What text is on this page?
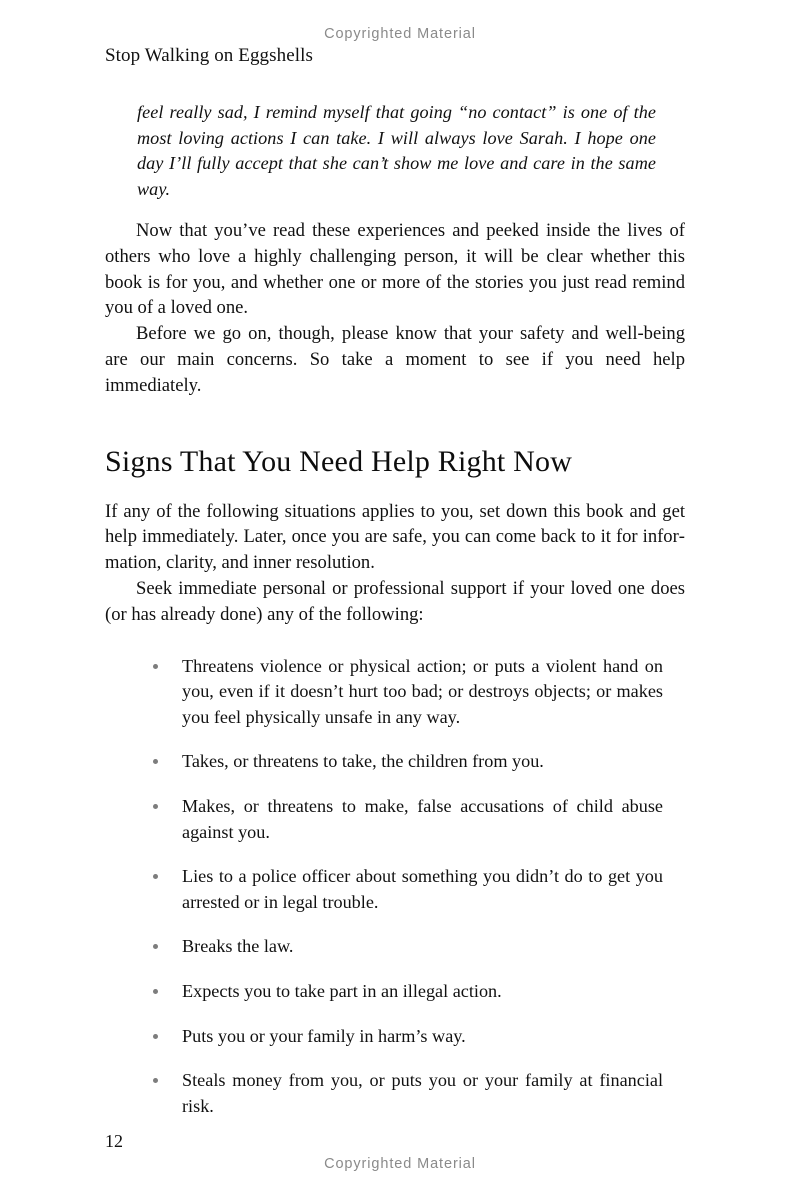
Copyrighted Material
Stop Walking on Eggshells
feel really sad, I remind myself that going “no contact” is one of the most loving actions I can take. I will always love Sarah. I hope one day I’ll fully accept that she can’t show me love and care in the same way.

Now that you’ve read these experiences and peeked inside the lives of others who love a highly challenging person, it will be clear whether this book is for you, and whether one or more of the stories you just read remind you of a loved one.

Before we go on, though, please know that your safety and well-being are our main concerns. So take a moment to see if you need help immediately.

Signs That You Need Help Right Now

If any of the following situations applies to you, set down this book and get help immediately. Later, once you are safe, you can come back to it for information, clarity, and inner resolution.

Seek immediate personal or professional support if your loved one does (or has already done) any of the following:

Threatens violence or physical action; or puts a violent hand on you, even if it doesn’t hurt too bad; or destroys objects; or makes you feel physically unsafe in any way.
Takes, or threatens to take, the children from you.
Makes, or threatens to make, false accusations of child abuse against you.
Lies to a police officer about something you didn’t do to get you arrested or in legal trouble.
Breaks the law.
Expects you to take part in an illegal action.
Puts you or your family in harm’s way.
Steals money from you, or puts you or your family at financial risk.
12
Copyrighted Material
